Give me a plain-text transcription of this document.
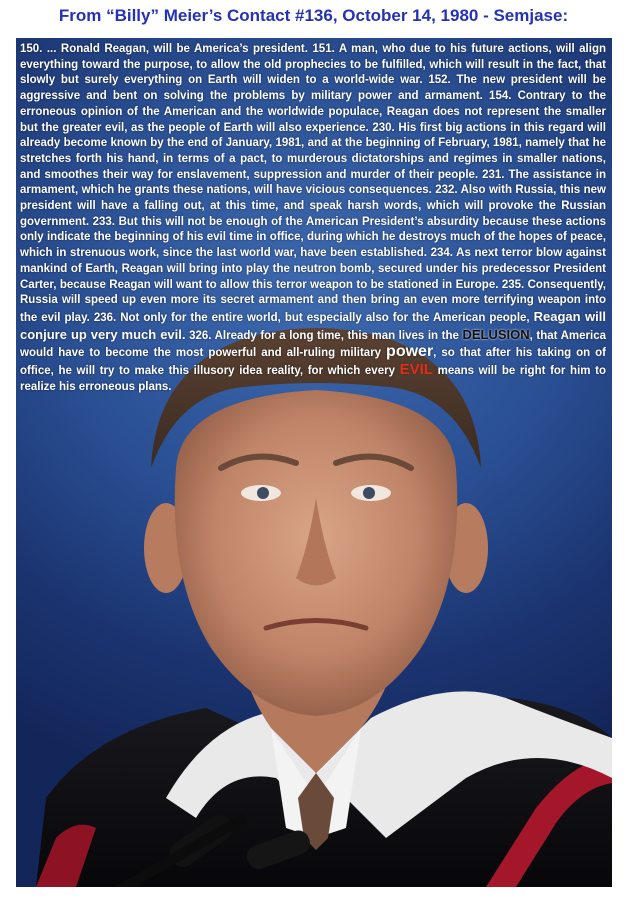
From “Billy” Meier’s Contact #136, October 14, 1980 - Semjase:

150. ... Ronald Reagan, will be America’s president. 151. A man, who due to his future actions, will align everything toward the purpose, to allow the old prophecies to be fulfilled, which will result in the fact, that slowly but surely everything on Earth will widen to a world-wide war. 152. The new president will be aggressive and bent on solving the problems by military power and armament. 154. Contrary to the erroneous opinion of the American and the worldwide populace, Reagan does not represent the smaller but the greater evil, as the people of Earth will also experience. 230. His first big actions in this regard will already become known by the end of January, 1981, and at the beginning of February, 1981, namely that he stretches forth his hand, in terms of a pact, to murderous dictatorships and regimes in smaller nations, and smoothes their way for enslavement, suppression and murder of their people. 231. The assistance in armament, which he grants these nations, will have vicious consequences. 232. Also with Russia, this new president will have a falling out, at this time, and speak harsh words, which will provoke the Russian government. 233. But this will not be enough of the American President’s absurdity because these actions only indicate the beginning of his evil time in office, during which he destroys much of the hopes of peace, which in strenuous work, since the last world war, have been established. 234. As next terror blow against mankind of Earth, Reagan will bring into play the neutron bomb, secured under his predecessor President Carter, because Reagan will want to allow this terror weapon to be stationed in Europe. 235. Consequently, Russia will speed up even more its secret armament and then bring an even more terrifying weapon into the evil play. 236. Not only for the entire world, but especially also for the American people, Reagan will conjure up very much evil. 326. Already for a long time, this man lives in the DELUSION, that America would have to become the most powerful and all-ruling military power, so that after his taking on of office, he will try to make this illusory idea reality, for which every EVIL means will be right for him to realize his erroneous plans.
